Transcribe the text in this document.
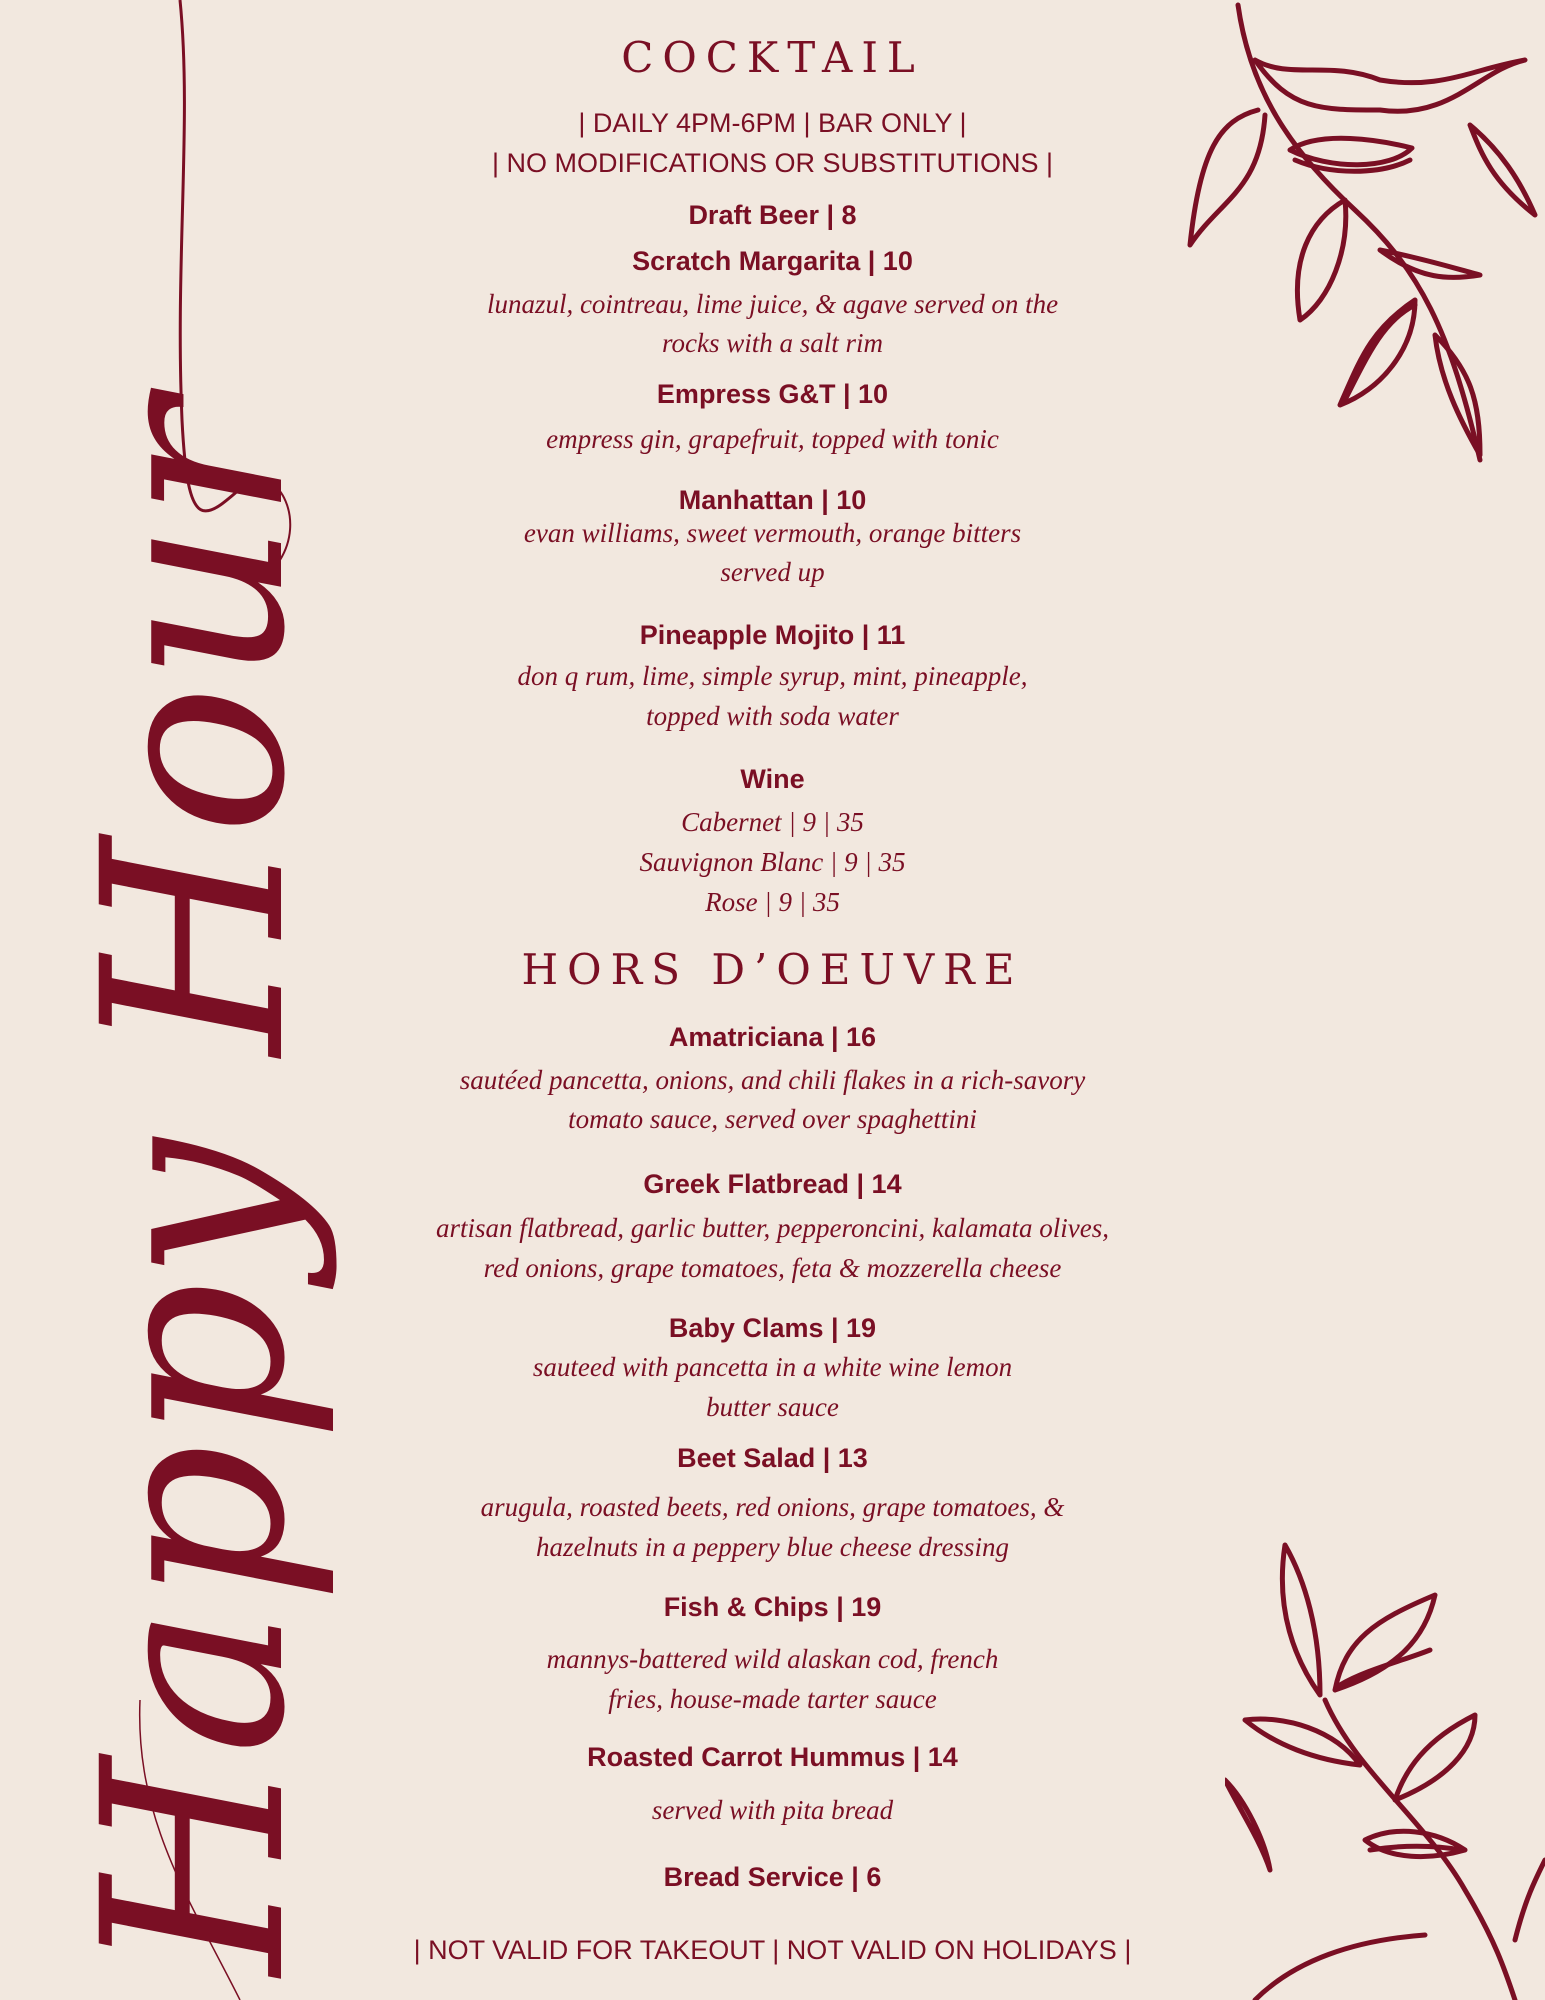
Happy Hour
COCKTAIL

| DAILY 4PM-6PM | BAR ONLY |

| NO MODIFICATIONS OR SUBSTITUTIONS |

Draft Beer | 8

Scratch Margarita | 10

lunazul, cointreau, lime juice, & agave served on the

rocks with a salt rim

Empress G&T | 10

empress gin, grapefruit, topped with tonic

Manhattan | 10

evan williams, sweet vermouth, orange bitters

served up

Pineapple Mojito | 11

don q rum, lime, simple syrup, mint, pineapple,

topped with soda water

Wine

Cabernet | 9 | 35

Sauvignon Blanc | 9 | 35

Rose | 9 | 35

HORS D’OEUVRE

Amatriciana | 16

sautéed pancetta, onions, and chili flakes in a rich-savory

tomato sauce, served over spaghettini

Greek Flatbread | 14

artisan flatbread, garlic butter, pepperoncini, kalamata olives,

red onions, grape tomatoes, feta & mozzerella cheese

Baby Clams | 19

sauteed with pancetta in a white wine lemon

butter sauce

Beet Salad | 13

arugula, roasted beets, red onions, grape tomatoes, &

hazelnuts in a peppery blue cheese dressing

Fish & Chips | 19

mannys-battered wild alaskan cod, french

fries, house-made tarter sauce

Roasted Carrot Hummus | 14

served with pita bread

Bread Service | 6

| NOT VALID FOR TAKEOUT | NOT VALID ON HOLIDAYS |
